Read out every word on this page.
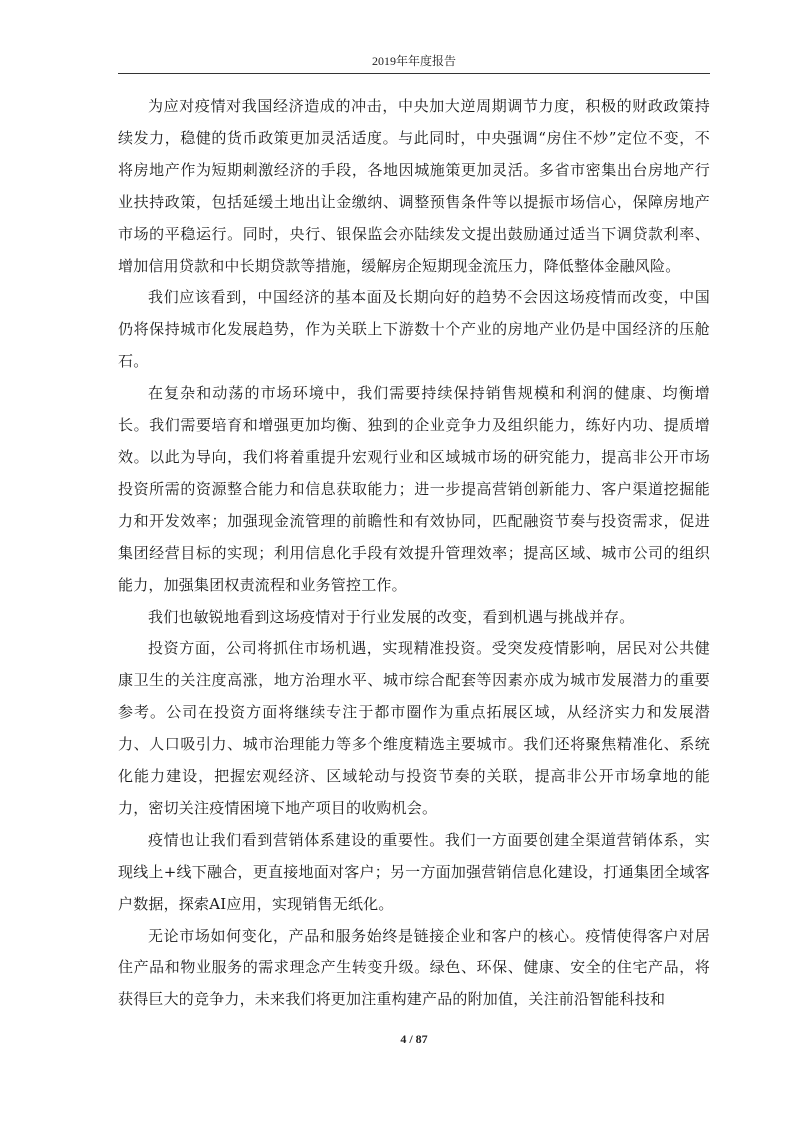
2019年年度报告

为应对疫情对我国经济造成的冲击，中央加大逆周期调节力度，积极的财政政策持续发力，稳健的货币政策更加灵活适度。与此同时，中央强调“房住不炒”定位不变，不将房地产作为短期刺激经济的手段，各地因城施策更加灵活。多省市密集出台房地产行业扶持政策，包括延缓土地出让金缴纳、调整预售条件等以提振市场信心，保障房地产市场的平稳运行。同时，央行、银保监会亦陆续发文提出鼓励通过适当下调贷款利率、增加信用贷款和中长期贷款等措施，缓解房企短期现金流压力，降低整体金融风险。

我们应该看到，中国经济的基本面及长期向好的趋势不会因这场疫情而改变，中国仍将保持城市化发展趋势，作为关联上下游数十个产业的房地产业仍是中国经济的压舱石。

在复杂和动荡的市场环境中，我们需要持续保持销售规模和利润的健康、均衡增长。我们需要培育和增强更加均衡、独到的企业竞争力及组织能力，练好内功、提质增效。以此为导向，我们将着重提升宏观行业和区域城市场的研究能力，提高非公开市场投资所需的资源整合能力和信息获取能力；进一步提高营销创新能力、客户渠道挖掘能力和开发效率；加强现金流管理的前瞻性和有效协同，匹配融资节奏与投资需求，促进集团经营目标的实现；利用信息化手段有效提升管理效率；提高区域、城市公司的组织能力，加强集团权责流程和业务管控工作。

我们也敏锐地看到这场疫情对于行业发展的改变，看到机遇与挑战并存。

投资方面，公司将抓住市场机遇，实现精准投资。受突发疫情影响，居民对公共健康卫生的关注度高涨，地方治理水平、城市综合配套等因素亦成为城市发展潜力的重要参考。公司在投资方面将继续专注于都市圈作为重点拓展区域，从经济实力和发展潜力、人口吸引力、城市治理能力等多个维度精选主要城市。我们还将聚焦精准化、系统化能力建设，把握宏观经济、区域轮动与投资节奏的关联，提高非公开市场拿地的能力，密切关注疫情困境下地产项目的收购机会。

疫情也让我们看到营销体系建设的重要性。我们一方面要创建全渠道营销体系，实现线上+线下融合，更直接地面对客户；另一方面加强营销信息化建设，打通集团全域客户数据，探索AI应用，实现销售无纸化。

无论市场如何变化，产品和服务始终是链接企业和客户的核心。疫情使得客户对居住产品和物业服务的需求理念产生转变升级。绿色、环保、健康、安全的住宅产品，将获得巨大的竞争力，未来我们将更加注重构建产品的附加值，关注前沿智能科技和

4 / 87
